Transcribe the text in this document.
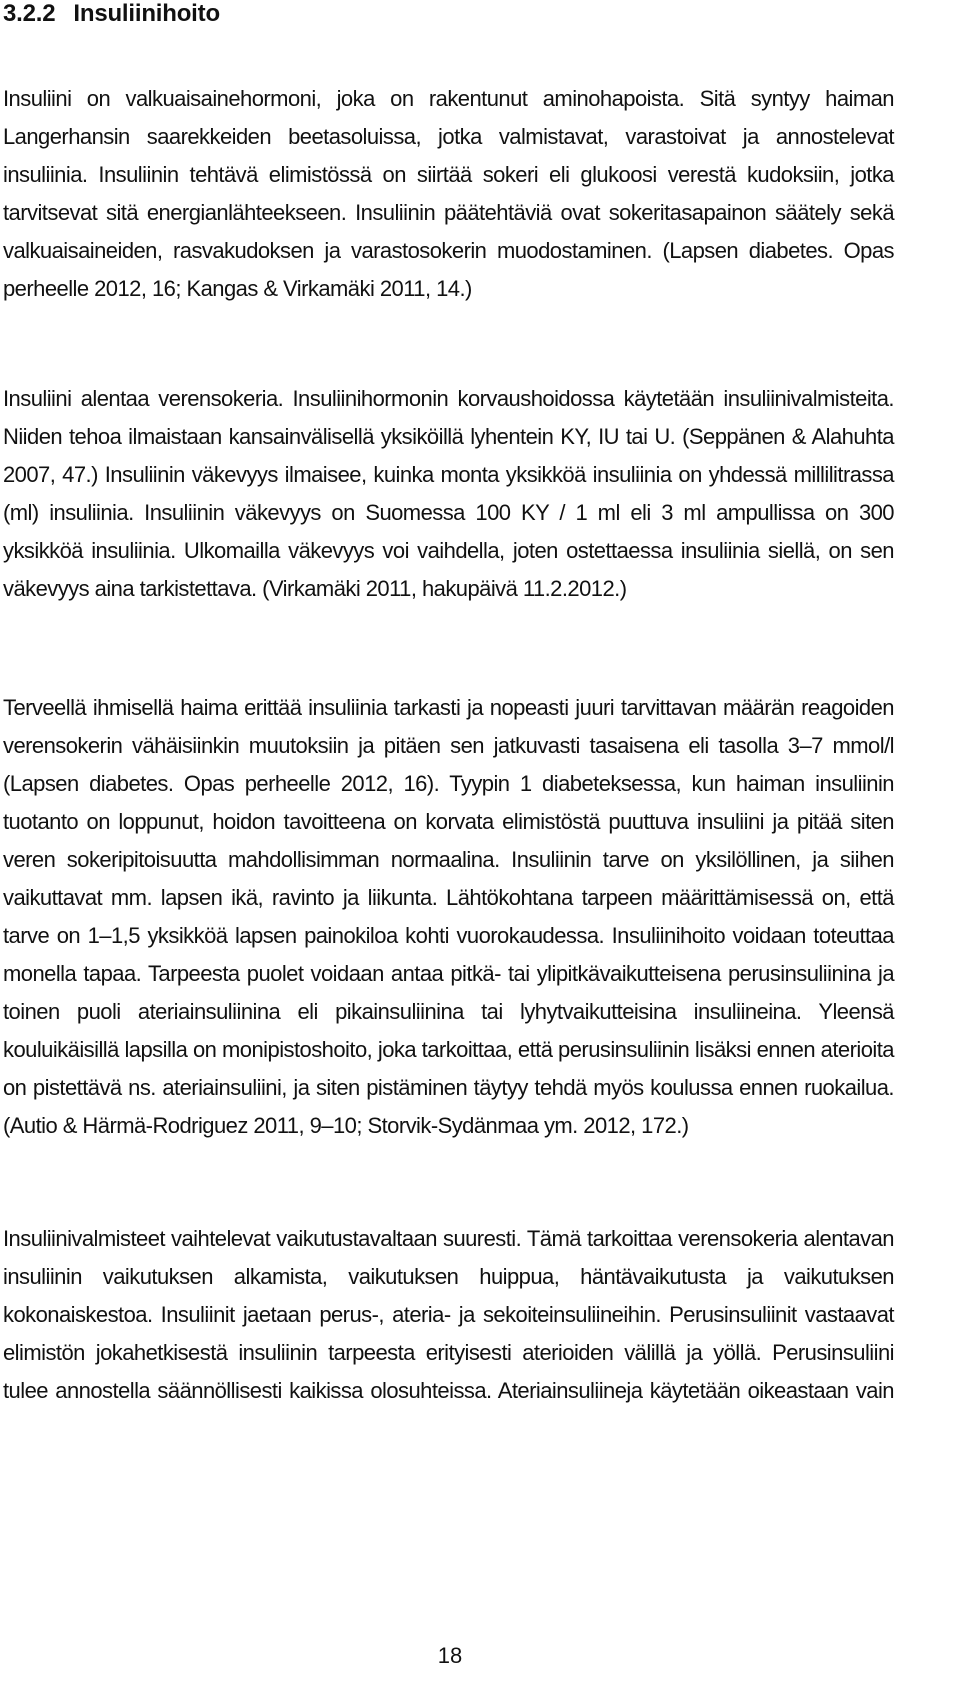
3.2.2 Insuliinihoito
Insuliini on valkuaisainehormoni, joka on rakentunut aminohapoista. Sitä syntyy haiman
Langerhansin saarekkeiden beetasoluissa, jotka valmistavat, varastoivat ja annostelevat
insuliinia. Insuliinin tehtävä elimistössä on siirtää sokeri eli glukoosi verestä kudoksiin, jotka
tarvitsevat sitä energianlähteekseen. Insuliinin päätehtäviä ovat sokeritasapainon säätely sekä
valkuaisaineiden, rasvakudoksen ja varastosokerin muodostaminen. (Lapsen diabetes. Opas
perheelle 2012, 16; Kangas & Virkamäki 2011, 14.)
Insuliini alentaa verensokeria. Insuliinihormonin korvaushoidossa käytetään insuliinivalmisteita.
Niiden tehoa ilmaistaan kansainvälisellä yksiköillä lyhentein KY, IU tai U. (Seppänen & Alahuhta
2007, 47.) Insuliinin väkevyys ilmaisee, kuinka monta yksikköä insuliinia on yhdessä millilitrassa
(ml) insuliinia. Insuliinin väkevyys on Suomessa 100 KY / 1 ml eli 3 ml ampullissa on 300
yksikköä insuliinia. Ulkomailla väkevyys voi vaihdella, joten ostettaessa insuliinia siellä, on sen
väkevyys aina tarkistettava. (Virkamäki 2011, hakupäivä 11.2.2012.)
Terveellä ihmisellä haima erittää insuliinia tarkasti ja nopeasti juuri tarvittavan määrän reagoiden
verensokerin vähäisiinkin muutoksiin ja pitäen sen jatkuvasti tasaisena eli tasolla 3–7 mmol/l
(Lapsen diabetes. Opas perheelle 2012, 16). Tyypin 1 diabeteksessa, kun haiman insuliinin
tuotanto on loppunut, hoidon tavoitteena on korvata elimistöstä puuttuva insuliini ja pitää siten
veren sokeripitoisuutta mahdollisimman normaalina. Insuliinin tarve on yksilöllinen, ja siihen
vaikuttavat mm. lapsen ikä, ravinto ja liikunta. Lähtökohtana tarpeen määrittämisessä on, että
tarve on 1–1,5 yksikköä lapsen painokiloa kohti vuorokaudessa. Insuliinihoito voidaan toteuttaa
monella tapaa. Tarpeesta puolet voidaan antaa pitkä- tai ylipitkävaikutteisena perusinsuliinina ja
toinen puoli ateriainsuliinina eli pikainsuliinina tai lyhytvaikutteisina insuliineina. Yleensä
kouluikäisillä lapsilla on monipistoshoito, joka tarkoittaa, että perusinsuliinin lisäksi ennen aterioita
on pistettävä ns. ateriainsuliini, ja siten pistäminen täytyy tehdä myös koulussa ennen ruokailua.
(Autio & Härmä-Rodriguez 2011, 9–10; Storvik-Sydänmaa ym. 2012, 172.)
Insuliinivalmisteet vaihtelevat vaikutustavaltaan suuresti. Tämä tarkoittaa verensokeria alentavan
insuliinin vaikutuksen alkamista, vaikutuksen huippua, häntävaikutusta ja vaikutuksen
kokonaiskestoa. Insuliinit jaetaan perus-, ateria- ja sekoiteinsuliineihin. Perusinsuliinit vastaavat
elimistön jokahetkisestä insuliinin tarpeesta erityisesti aterioiden välillä ja yöllä. Perusinsuliini
tulee annostella säännöllisesti kaikissa olosuhteissa. Ateriainsuliineja käytetään oikeastaan vain
18
